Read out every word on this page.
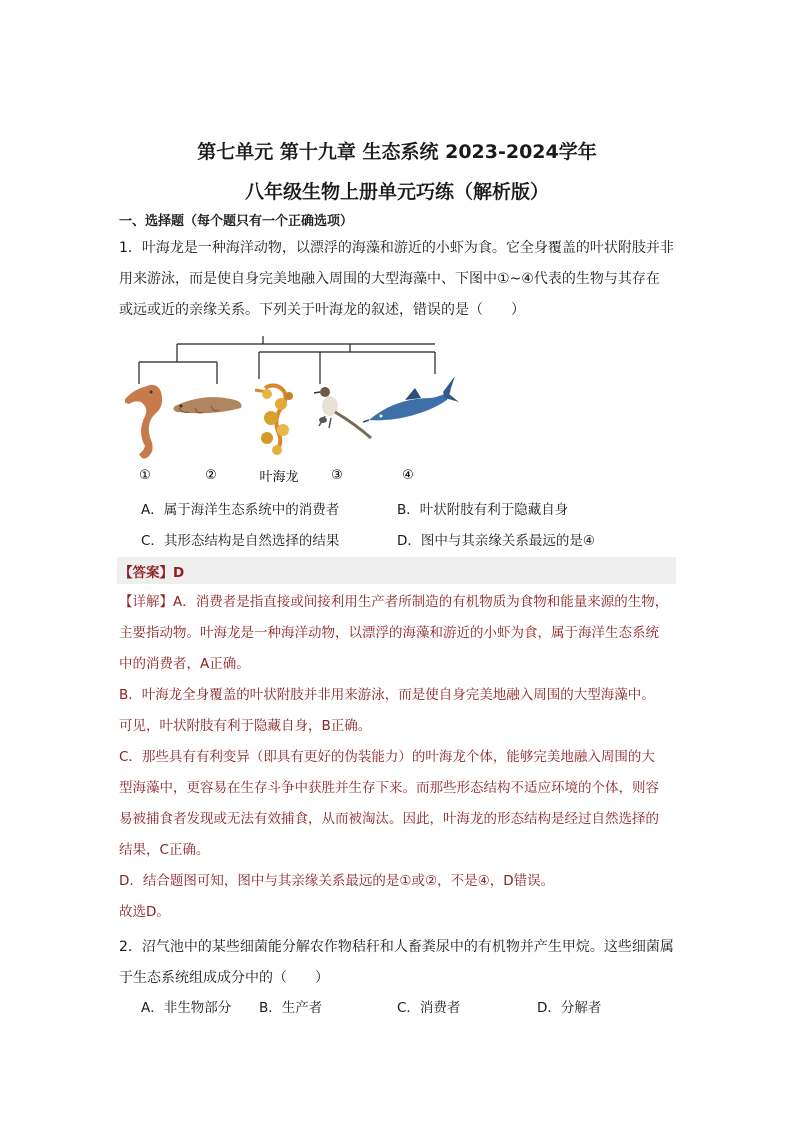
第七单元 第十九章 生态系统 2023-2024学年
八年级生物上册单元巧练（解析版）
一、选择题（每个题只有一个正确选项）
1．叶海龙是一种海洋动物，以漂浮的海藻和游近的小虾为食。它全身覆盖的叶状附肢并非
用来游泳，而是使自身完美地融入周围的大型海藻中、下图中①~④代表的生物与其存在
或远或近的亲缘关系。下列关于叶海龙的叙述，错误的是（　　）
①	②	叶海龙	③	④
A．属于海洋生态系统中的消费者	B．叶状附肢有利于隐藏自身
C．其形态结构是自然选择的结果	D．图中与其亲缘关系最远的是④
【答案】D
【详解】A．消费者是指直接或间接利用生产者所制造的有机物质为食物和能量来源的生物，
主要指动物。叶海龙是一种海洋动物，以漂浮的海藻和游近的小虾为食，属于海洋生态系统
中的消费者，A正确。
B．叶海龙全身覆盖的叶状附肢并非用来游泳，而是使自身完美地融入周围的大型海藻中。
可见，叶状附肢有利于隐藏自身，B正确。
C．那些具有有利变异（即具有更好的伪装能力）的叶海龙个体，能够完美地融入周围的大
型海藻中，更容易在生存斗争中获胜并生存下来。而那些形态结构不适应环境的个体，则容
易被捕食者发现或无法有效捕食，从而被淘汰。因此，叶海龙的形态结构是经过自然选择的
结果，C正确。
D．结合题图可知，图中与其亲缘关系最远的是①或②，不是④，D错误。
故选D。
2．沼气池中的某些细菌能分解农作物秸秆和人畜粪尿中的有机物并产生甲烷。这些细菌属
于生态系统组成成分中的（　　）
A．非生物部分 B．生产者	C．消费者	D．分解者
